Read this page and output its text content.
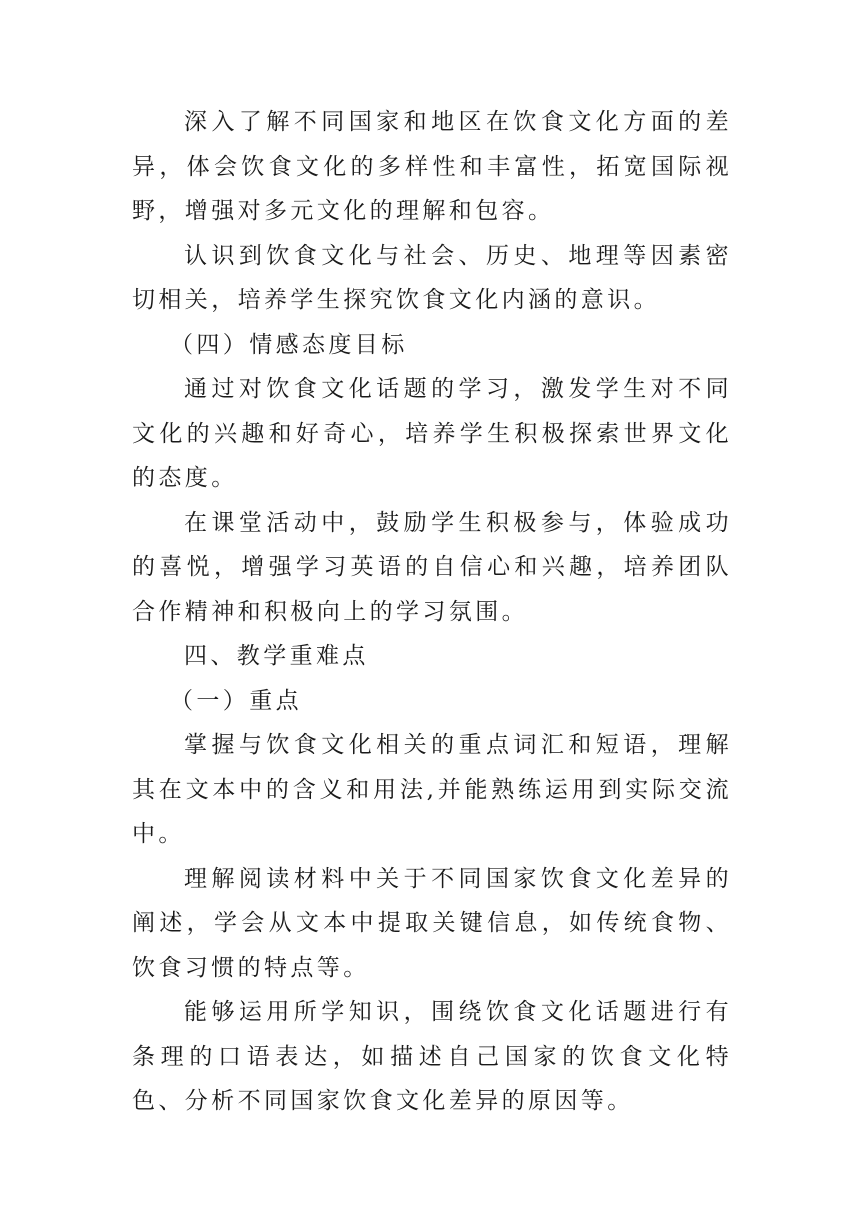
深入了解不同国家和地区在饮食文化方面的差异，体会饮食文化的多样性和丰富性，拓宽国际视野，增强对多元文化的理解和包容。

认识到饮食文化与社会、历史、地理等因素密切相关，培养学生探究饮食文化内涵的意识。

（四）情感态度目标

通过对饮食文化话题的学习，激发学生对不同文化的兴趣和好奇心，培养学生积极探索世界文化的态度。

在课堂活动中，鼓励学生积极参与，体验成功的喜悦，增强学习英语的自信心和兴趣，培养团队合作精神和积极向上的学习氛围。

四、教学重难点

（一）重点

掌握与饮食文化相关的重点词汇和短语，理解其在文本中的含义和用法,并能熟练运用到实际交流中。

理解阅读材料中关于不同国家饮食文化差异的阐述，学会从文本中提取关键信息，如传统食物、饮食习惯的特点等。

能够运用所学知识，围绕饮食文化话题进行有条理的口语表达，如描述自己国家的饮食文化特色、分析不同国家饮食文化差异的原因等。
